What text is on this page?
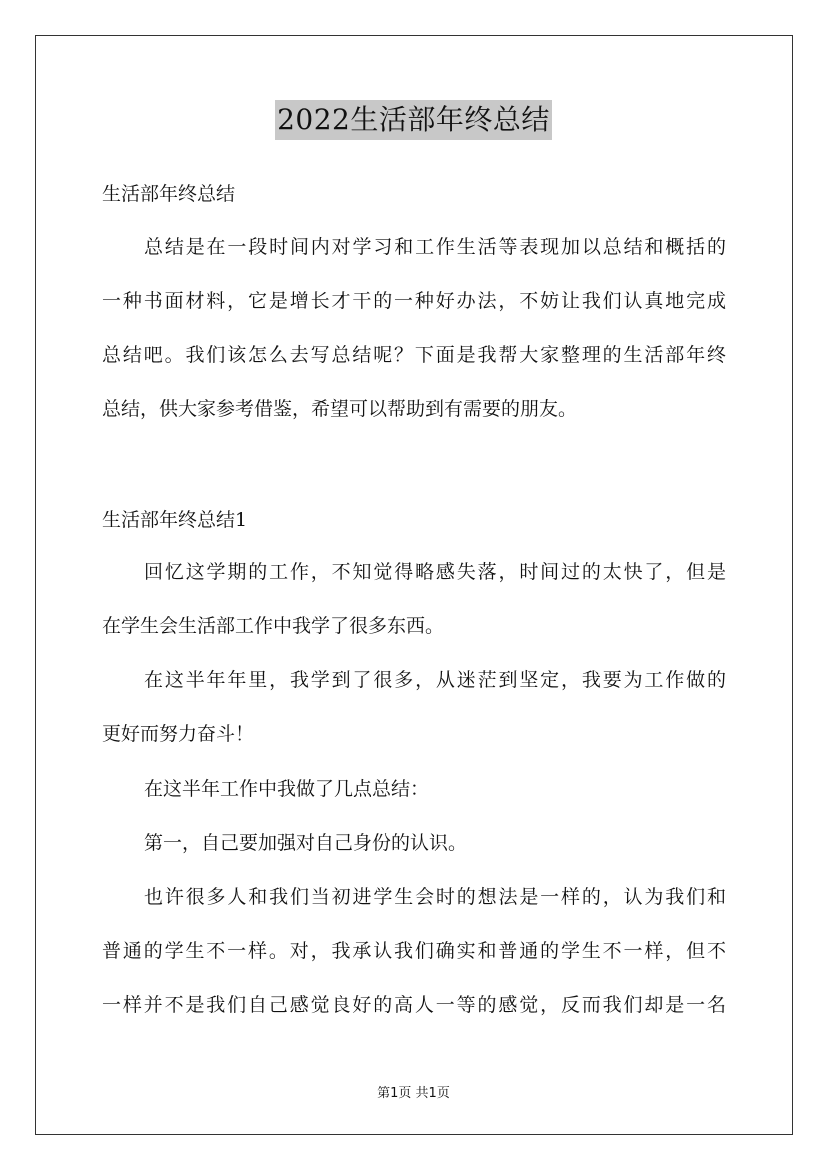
2022生活部年终总结
生活部年终总结
总结是在一段时间内对学习和工作生活等表现加以总结和概括的
一种书面材料，它是增长才干的一种好办法，不妨让我们认真地完成
总结吧。我们该怎么去写总结呢？下面是我帮大家整理的生活部年终
总结，供大家参考借鉴，希望可以帮助到有需要的朋友。
生活部年终总结1
回忆这学期的工作，不知觉得略感失落，时间过的太快了，但是
在学生会生活部工作中我学了很多东西。
在这半年年里，我学到了很多，从迷茫到坚定，我要为工作做的
更好而努力奋斗！
在这半年工作中我做了几点总结：
第一，自己要加强对自己身份的认识。
也许很多人和我们当初进学生会时的想法是一样的，认为我们和
普通的学生不一样。对，我承认我们确实和普通的学生不一样，但不
一样并不是我们自己感觉良好的高人一等的感觉，反而我们却是一名
第1页 共1页
